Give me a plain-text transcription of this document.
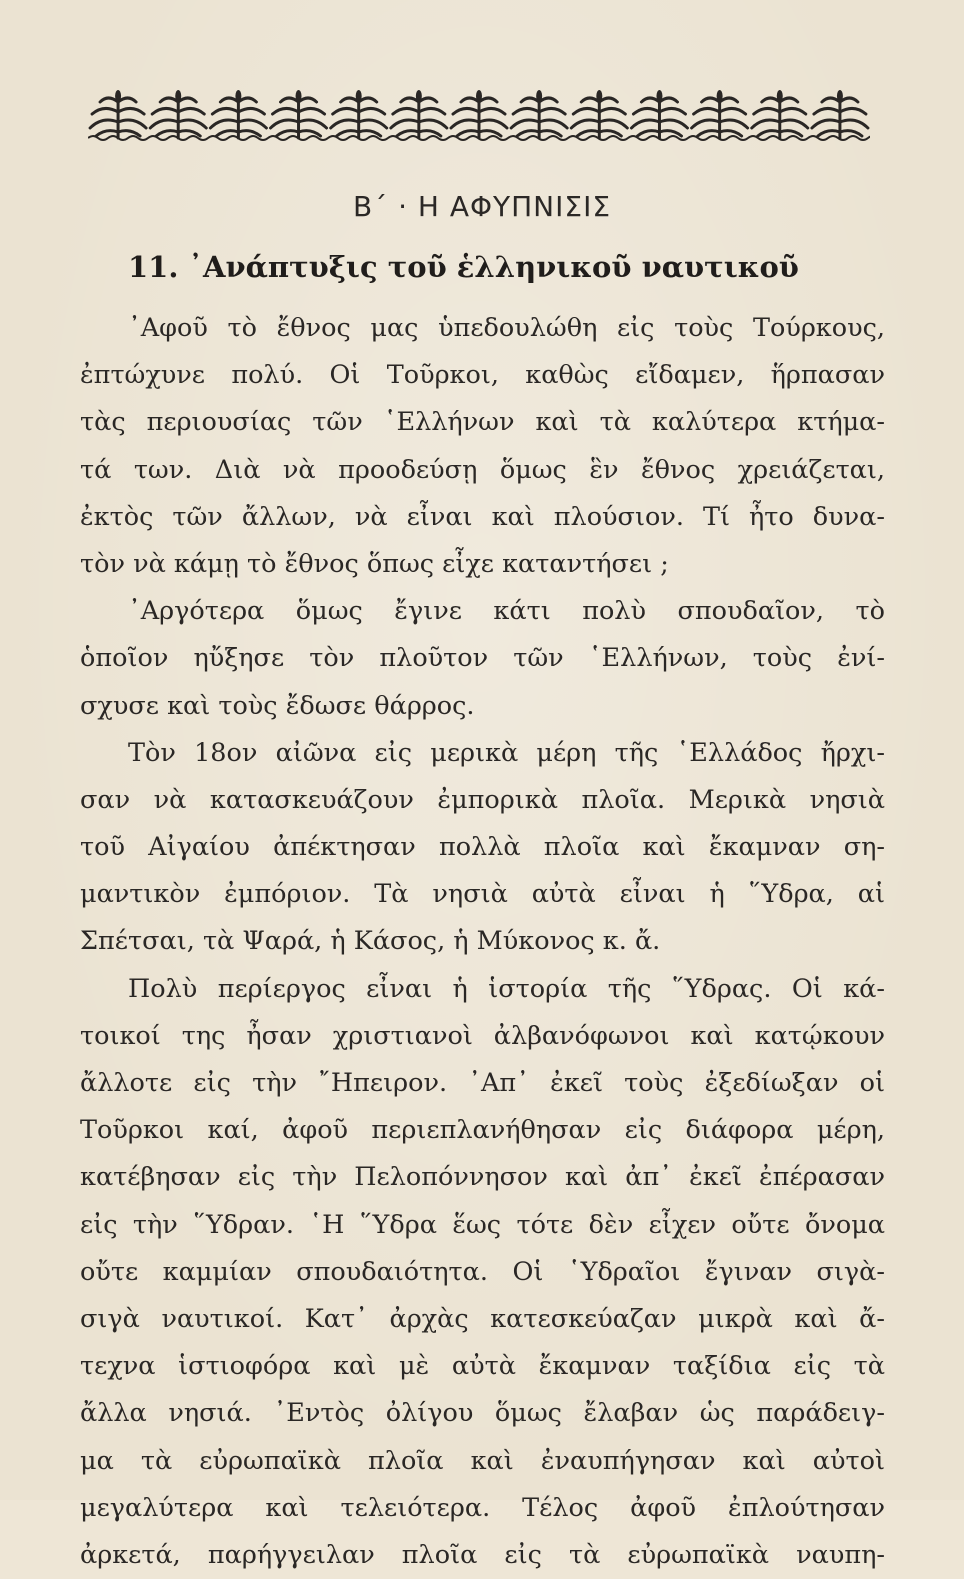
Β΄ · Η ΑΦΥΠΝΙΣΙΣ
11. ᾿Ανάπτυξις τοῦ ἑλληνικοῦ ναυτικοῦ
᾿Αφοῦ τὸ ἔθνος μας ὑπεδουλώθη εἰς τοὺς Τούρκους,
ἐπτώχυνε πολύ. Οἱ Τοῦρκοι, καθὼς εἴδαμεν, ἥρπασαν
τὰς περιουσίας τῶν ῾Ελλήνων καὶ τὰ καλύτερα κτήμα-
τά των. Διὰ νὰ προοδεύσῃ ὅμως ἓν ἔθνος χρειάζεται,
ἐκτὸς τῶν ἄλλων, νὰ εἶναι καὶ πλούσιον. Τί ἦτο δυνα-
τὸν νὰ κάμῃ τὸ ἔθνος ὅπως εἶχε καταντήσει ;
᾿Αργότερα ὅμως ἔγινε κάτι πολὺ σπουδαῖον, τὸ
ὁποῖον ηὔξησε τὸν πλοῦτον τῶν ῾Ελλήνων, τοὺς ἐνί-
σχυσε καὶ τοὺς ἔδωσε θάρρος.
Τὸν 18ον αἰῶνα εἰς μερικὰ μέρη τῆς ῾Ελλάδος ἤρχι-
σαν νὰ κατασκευάζουν ἐμπορικὰ πλοῖα. Μερικὰ νησιὰ
τοῦ Αἰγαίου ἀπέκτησαν πολλὰ πλοῖα καὶ ἔκαμναν ση-
μαντικὸν ἐμπόριον. Τὰ νησιὰ αὐτὰ εἶναι ἡ ῞Υδρα, αἱ
Σπέτσαι, τὰ Ψαρά, ἡ Κάσος, ἡ Μύκονος κ. ἄ.
Πολὺ περίεργος εἶναι ἡ ἱστορία τῆς ῞Υδρας. Οἱ κά-
τοικοί της ἦσαν χριστιανοὶ ἀλβανόφωνοι καὶ κατῴκουν
ἄλλοτε εἰς τὴν ῎Ηπειρον. ᾿Απ᾿ ἐκεῖ τοὺς ἐξεδίωξαν οἱ
Τοῦρκοι καί, ἀφοῦ περιεπλανήθησαν εἰς διάφορα μέρη,
κατέβησαν εἰς τὴν Πελοπόννησον καὶ ἀπ᾿ ἐκεῖ ἐπέρασαν
εἰς τὴν ῞Υδραν. ῾Η ῞Υδρα ἕως τότε δὲν εἶχεν οὔτε ὄνομα
οὔτε καμμίαν σπουδαιότητα. Οἱ ῾Υδραῖοι ἔγιναν σιγὰ-
σιγὰ ναυτικοί. Κατ᾿ ἀρχὰς κατεσκεύαζαν μικρὰ καὶ ἄ-
τεχνα ἱστιοφόρα καὶ μὲ αὐτὰ ἔκαμναν ταξίδια εἰς τὰ
ἄλλα νησιά. ᾿Εντὸς ὀλίγου ὅμως ἔλαβαν ὡς παράδειγ-
μα τὰ εὐρωπαϊκὰ πλοῖα καὶ ἐναυπήγησαν καὶ αὐτοὶ
μεγαλύτερα καὶ τελειότερα. Τέλος ἀφοῦ ἐπλούτησαν
ἀρκετά, παρήγγειλαν πλοῖα εἰς τὰ εὐρωπαϊκὰ ναυπη-
